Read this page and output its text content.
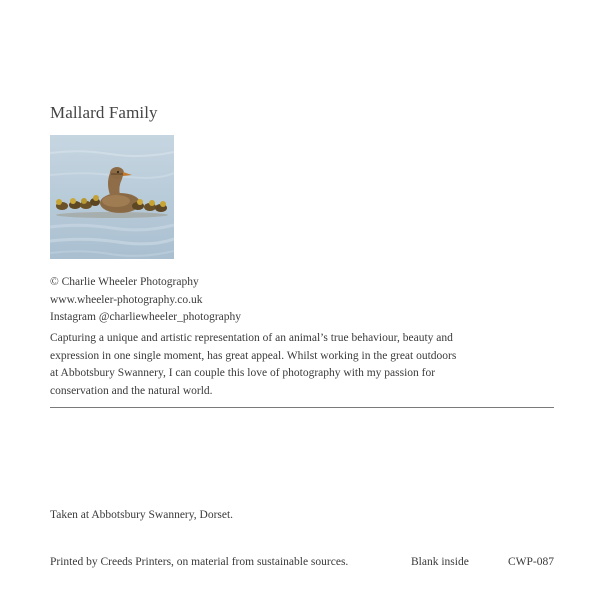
Mallard Family
© Charlie Wheeler Photography
www.wheeler-photography.co.uk
Instagram @charliewheeler_photography
Capturing a unique and artistic representation of an animal’s true behaviour, beauty and
expression in one single moment, has great appeal. Whilst working in the great outdoors
at Abbotsbury Swannery, I can couple this love of photography with my passion for
conservation and the natural world.
Taken at Abbotsbury Swannery, Dorset.
Printed by Creeds Printers, on material from sustainable sources.	Blank inside	CWP-087
